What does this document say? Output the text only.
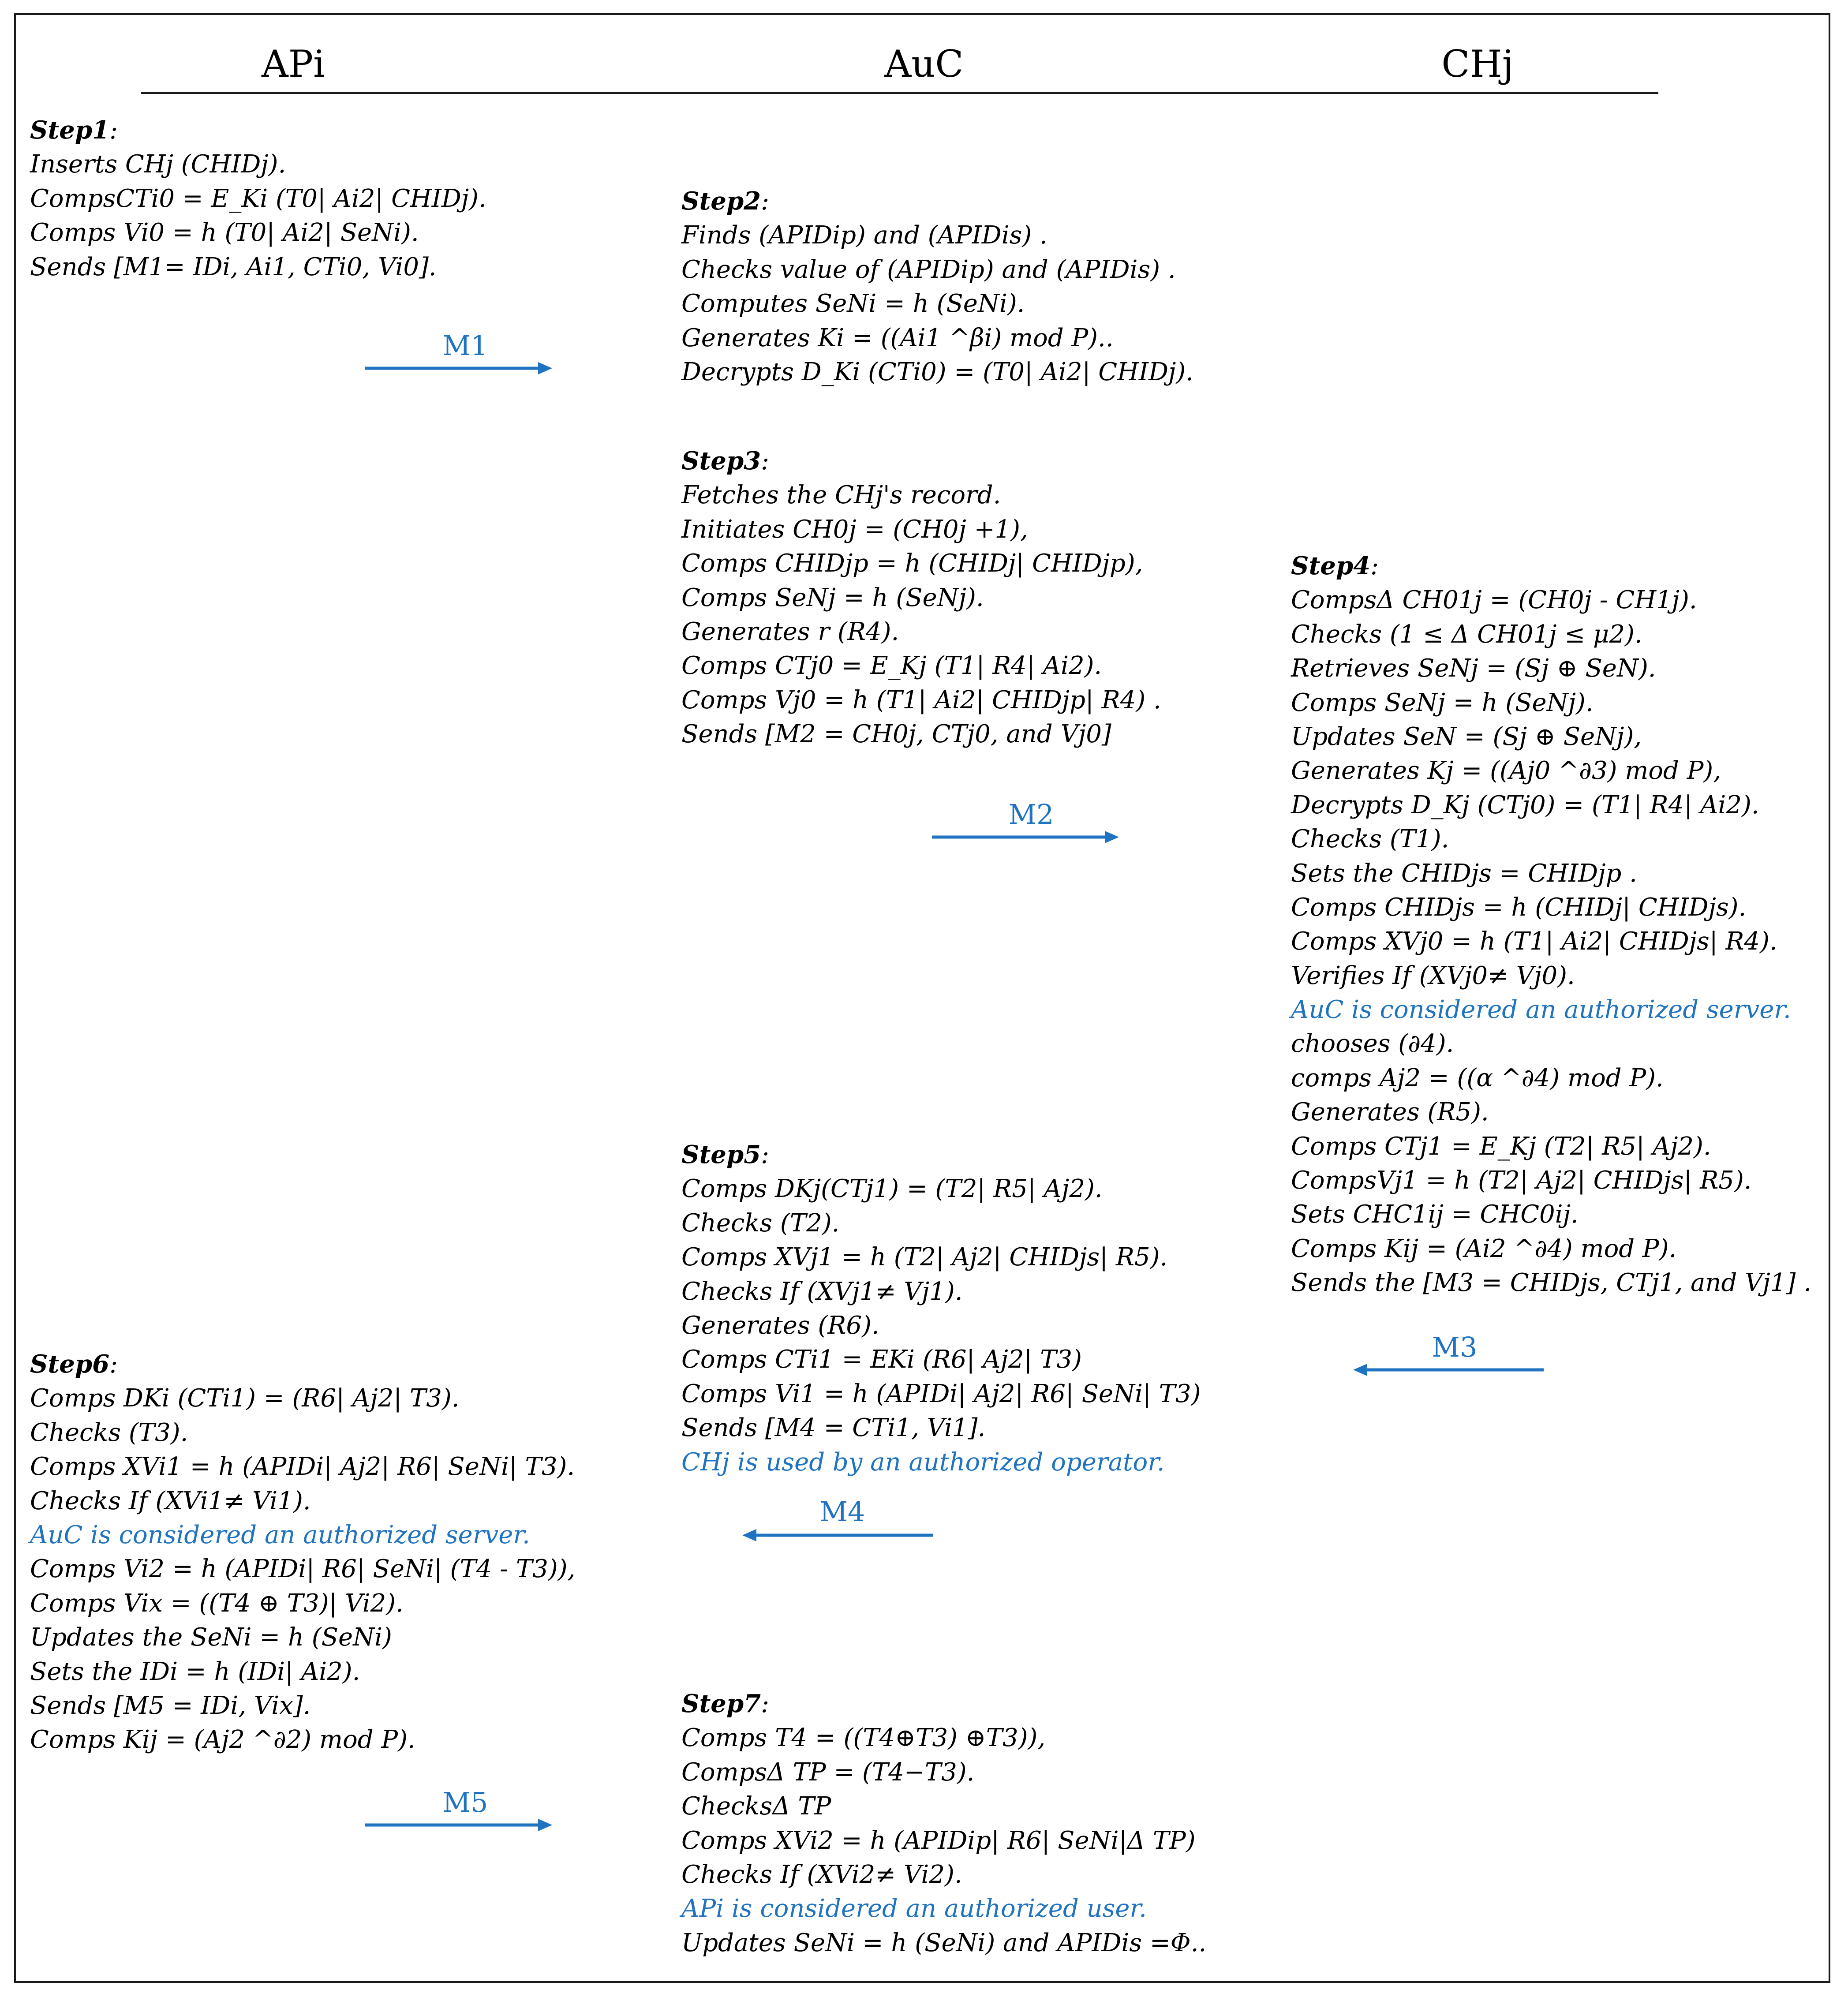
APi	AuC	CHj
Step1:
Inserts CHj (CHIDj).
CompsCTi0 = E_Ki (T0| Ai2| CHIDj).
Comps Vi0 = h (T0| Ai2| SeNi).
Sends [M1= IDi, Ai1, CTi0, Vi0].
Step2:
Finds (APIDip) and (APIDis) .
Checks value of (APIDip) and (APIDis) .
Computes SeNi = h (SeNi).
Generates Ki = ((Ai1 ^βi) mod P)..
Decrypts D_Ki (CTi0) = (T0| Ai2| CHIDj).
Step3:
Fetches the CHj's record.
Initiates CH0j = (CH0j +1),
Comps CHIDjp = h (CHIDj| CHIDjp),
Comps SeNj = h (SeNj).
Generates r (R4).
Comps CTj0 = E_Kj (T1| R4| Ai2).
Comps Vj0 = h (T1| Ai2| CHIDjp| R4) .
Sends [M2 = CH0j, CTj0, and Vj0]
Step4:
CompsΔ CH01j = (CH0j - CH1j).
Checks (1 ≤ Δ CH01j ≤ μ2).
Retrieves SeNj = (Sj ⊕ SeN).
Comps SeNj = h (SeNj).
Updates SeN = (Sj ⊕ SeNj),
Generates Kj = ((Aj0 ^∂3) mod P),
Decrypts D_Kj (CTj0) = (T1| R4| Ai2).
Checks (T1).
Sets the CHIDjs = CHIDjp .
Comps CHIDjs = h (CHIDj| CHIDjs).
Comps XVj0 = h (T1| Ai2| CHIDjs| R4).
Verifies If (XVj0≠ Vj0).
AuC is considered an authorized server.
chooses (∂4).
comps Aj2 = ((α ^∂4) mod P).
Generates (R5).
Comps CTj1 = E_Kj (T2| R5| Aj2).
CompsVj1 = h (T2| Aj2| CHIDjs| R5).
Sets CHC1ij = CHC0ij.
Comps Kij = (Ai2 ^∂4) mod P).
Sends the [M3 = CHIDjs, CTj1, and Vj1] .
Step5:
Comps DKj(CTj1) = (T2| R5| Aj2).
Checks (T2).
Comps XVj1 = h (T2| Aj2| CHIDjs| R5).
Checks If (XVj1≠ Vj1).
Generates (R6).
Comps CTi1 = EKi (R6| Aj2| T3)
Comps Vi1 = h (APIDi| Aj2| R6| SeNi| T3)
Sends [M4 = CTi1, Vi1].
CHj is used by an authorized operator.
Step6:
Comps DKi (CTi1) = (R6| Aj2| T3).
Checks (T3).
Comps XVi1 = h (APIDi| Aj2| R6| SeNi| T3).
Checks If (XVi1≠ Vi1).
AuC is considered an authorized server.
Comps Vi2 = h (APIDi| R6| SeNi| (T4 - T3)),
Comps Vix = ((T4 ⊕ T3)| Vi2).
Updates the SeNi = h (SeNi)
Sets the IDi = h (IDi| Ai2).
Sends [M5 = IDi, Vix].
Comps Kij = (Aj2 ^∂2) mod P).
Step7:
Comps T4 = ((T4⊕T3) ⊕T3)),
CompsΔ TP = (T4−T3).
ChecksΔ TP
Comps XVi2 = h (APIDip| R6| SeNi|Δ TP)
Checks If (XVi2≠ Vi2).
APi is considered an authorized user.
Updates SeNi = h (SeNi) and APIDis =Φ..
M1
M2
M3
M4
M5
